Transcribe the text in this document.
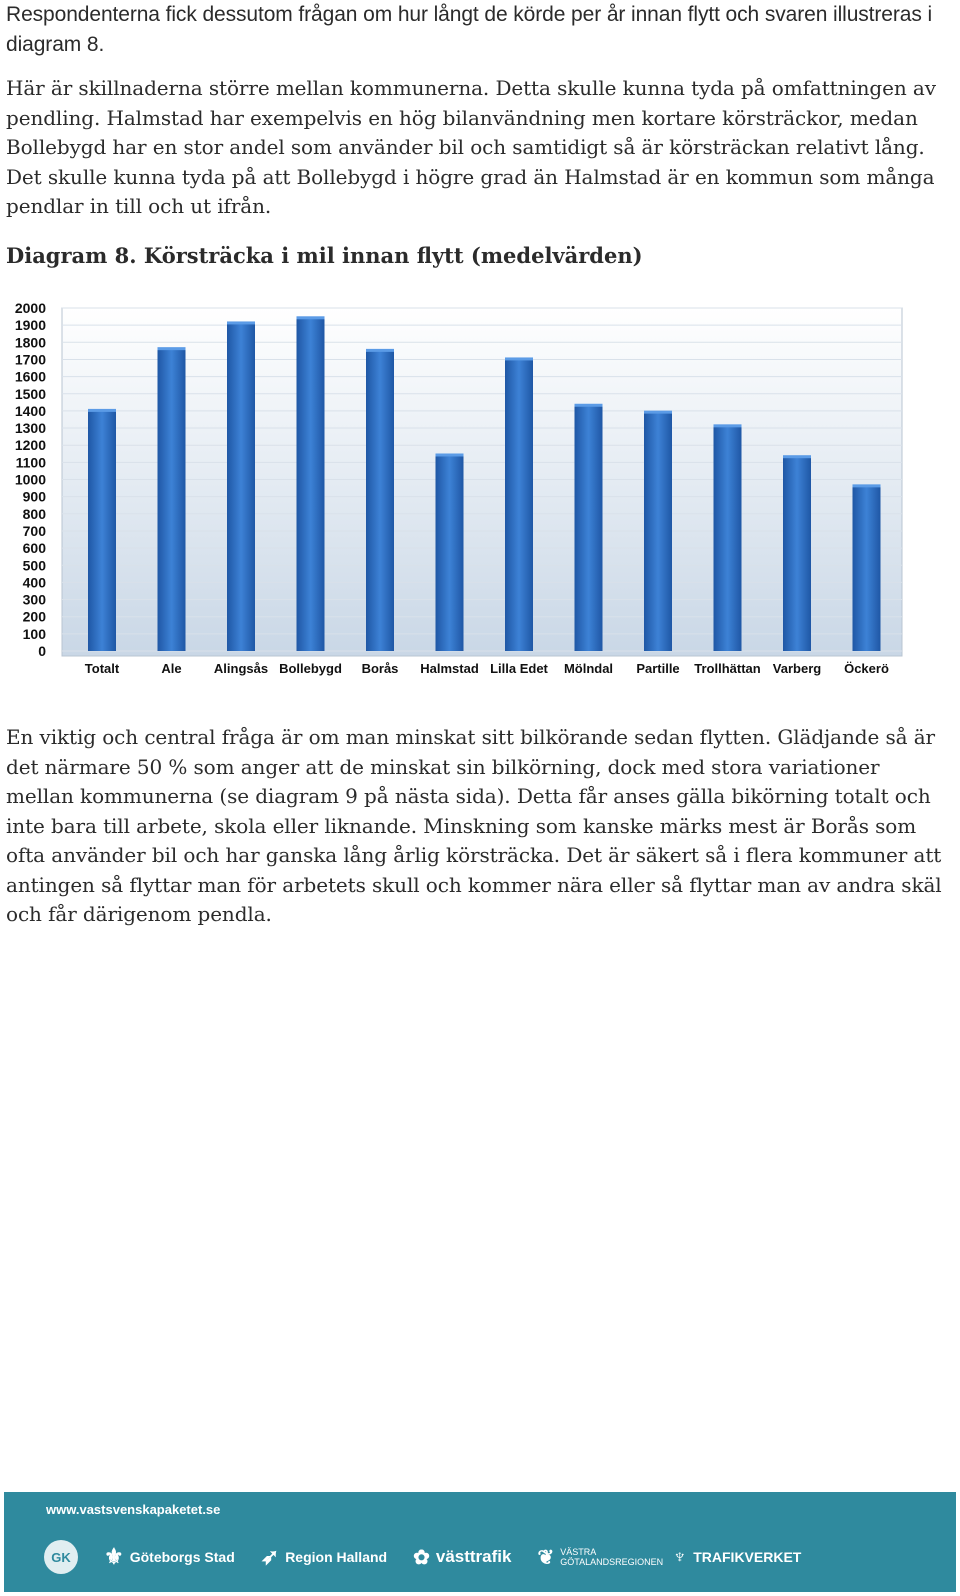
Respondenterna fick dessutom frågan om hur långt de körde per år innan flytt och svaren illustreras i diagram 8.

Här är skillnaderna större mellan kommunerna. Detta skulle kunna tyda på omfattningen av pendling. Halmstad har exempelvis en hög bilanvändning men kortare körsträckor, medan Bollebygd har en stor andel som använder bil och samtidigt så är körsträckan relativt lång. Det skulle kunna tyda på att Bollebygd i högre grad än Halmstad är en kommun som många pendlar in till och ut ifrån.

Diagram 8. Körsträcka i mil innan flytt (medelvärden)
0
100
200
300
400
500
600
700
800
900
1000
1100
1200
1300
1400
1500
1600
1700
1800
1900
2000
Totalt	Ale Alingsås Bollebygd Borås Halmstad Lilla Edet Mölndal Partille Trollhättan Varberg Öckerö

En viktig och central fråga är om man minskat sitt bilkörande sedan flytten. Glädjande så är det närmare 50 % som anger att de minskat sin bilkörning, dock med stora variationer mellan kommunerna (se diagram 9 på nästa sida). Detta får anses gälla bikörning totalt och inte bara till arbete, skola eller liknande. Minskning som kanske märks mest är Borås som ofta använder bil och har ganska lång årlig körsträcka. Det är säkert så i flera kommuner att antingen så flyttar man för arbetets skull och kommer nära eller så flyttar man av andra skäl och får därigenom pendla.

www.vastsvenskapaketet.se
GK	⚜ Göteborgs Stad ➶ Region Halland ✿ västtrafik ❦ VÄSTRA GÖTALANDSREGIONEN ♆ TRAFIKVERKET
